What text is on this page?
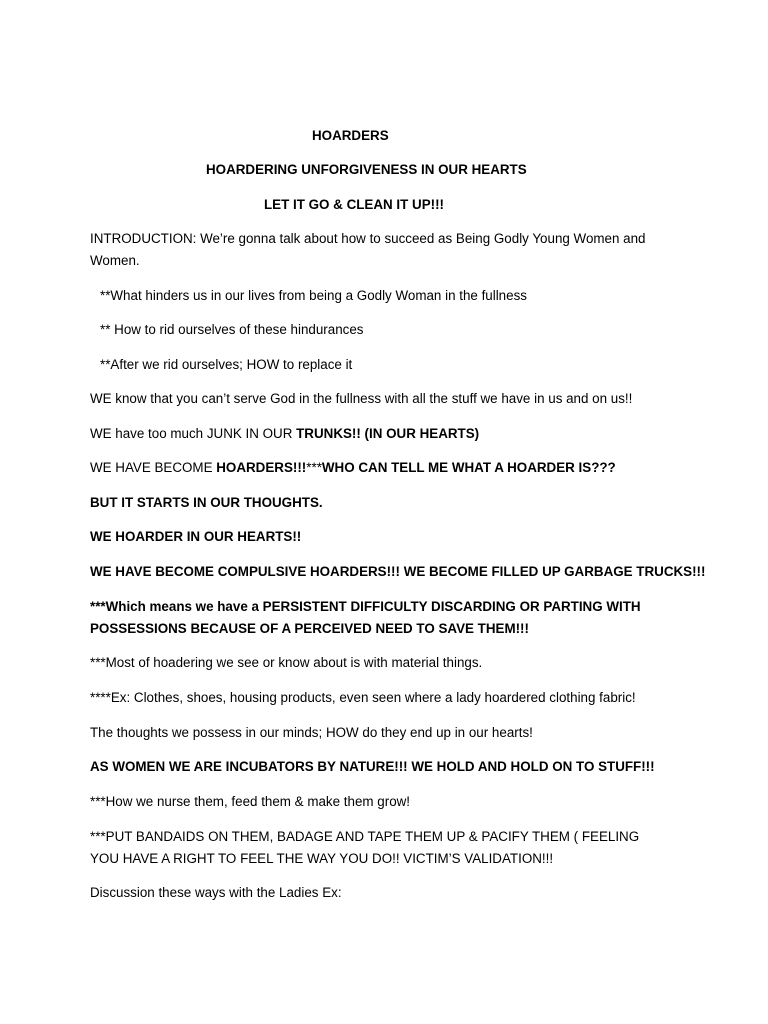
HOARDERS
HOARDERING UNFORGIVENESS IN OUR HEARTS
LET IT GO & CLEAN IT UP!!!
INTRODUCTION: We’re gonna talk about how to succeed as Being Godly Young Women and Women.
**What hinders us in our lives from being a Godly Woman in the fullness
** How to rid ourselves of these hindurances
**After we rid ourselves; HOW to replace it
WE know that you can’t serve God in the fullness with all the stuff we have in us and on us!!
WE have too much JUNK IN OUR TRUNKS!! (IN OUR HEARTS)
WE HAVE BECOME HOARDERS!!!***WHO CAN TELL ME WHAT A HOARDER IS???
BUT IT STARTS IN OUR THOUGHTS.
WE HOARDER IN OUR HEARTS!!
WE HAVE BECOME COMPULSIVE HOARDERS!!! WE BECOME FILLED UP GARBAGE TRUCKS!!!
***Which means we have a PERSISTENT DIFFICULTY DISCARDING OR PARTING WITH POSSESSIONS BECAUSE OF A PERCEIVED NEED TO SAVE THEM!!!
***Most of hoadering we see or know about is with material things.
****Ex: Clothes, shoes, housing products, even seen where a lady hoardered clothing fabric!
The thoughts we possess in our minds; HOW do they end up in our hearts!
AS WOMEN WE ARE INCUBATORS BY NATURE!!! WE HOLD AND HOLD ON TO STUFF!!!
***How we nurse them, feed them & make them grow!
***PUT BANDAIDS ON THEM, BADAGE AND TAPE THEM UP & PACIFY THEM ( FEELING YOU HAVE A RIGHT TO FEEL THE WAY YOU DO!! VICTIM’S VALIDATION!!!
Discussion these ways with the Ladies Ex:
